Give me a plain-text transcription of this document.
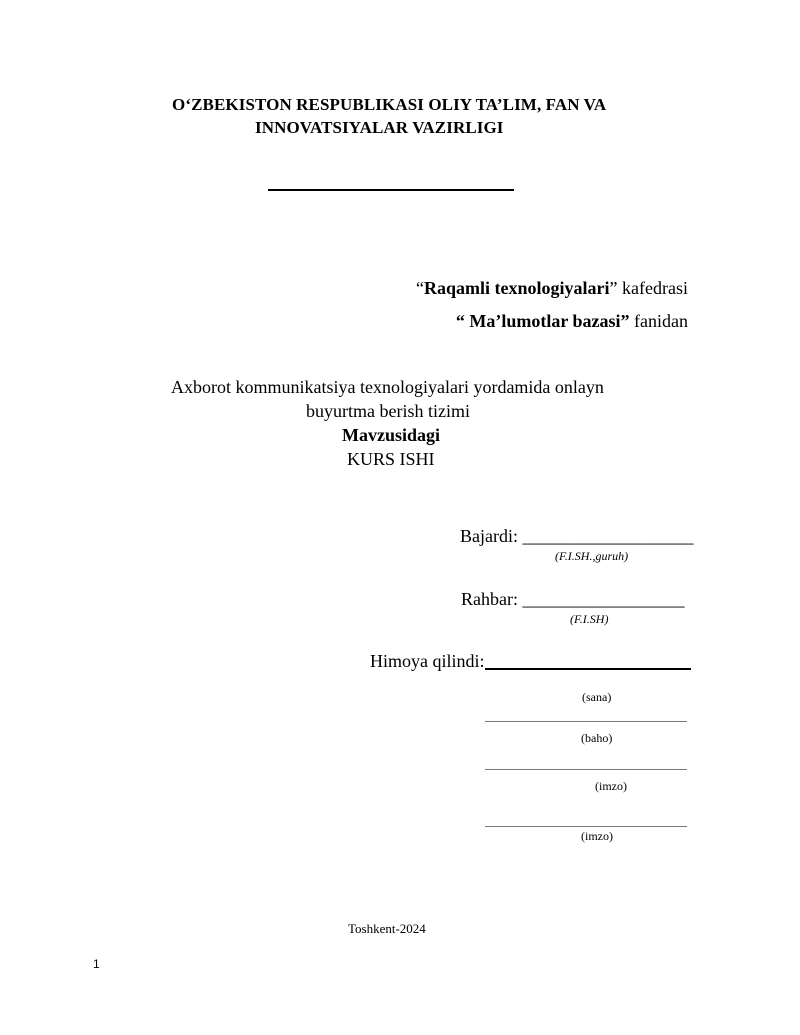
O‘ZBEKISTON RESPUBLIKASI OLIY TA’LIM, FAN VA
INNOVATSIYALAR VAZIRLIGI
“Raqamli texnologiyalari” kafedrasi
“ Ma’lumotlar bazasi” fanidan
Axborot kommunikatsiya texnologiyalari yordamida onlayn
buyurtma berish tizimi
Mavzusidagi
KURS ISHI
Bajardi: ___________________
(F.I.SH.,guruh)
Rahbar: __________________
(F.I.SH)
Himoya qilindi:
(sana)
(baho)
(imzo)
(imzo)
Toshkent-2024
1
